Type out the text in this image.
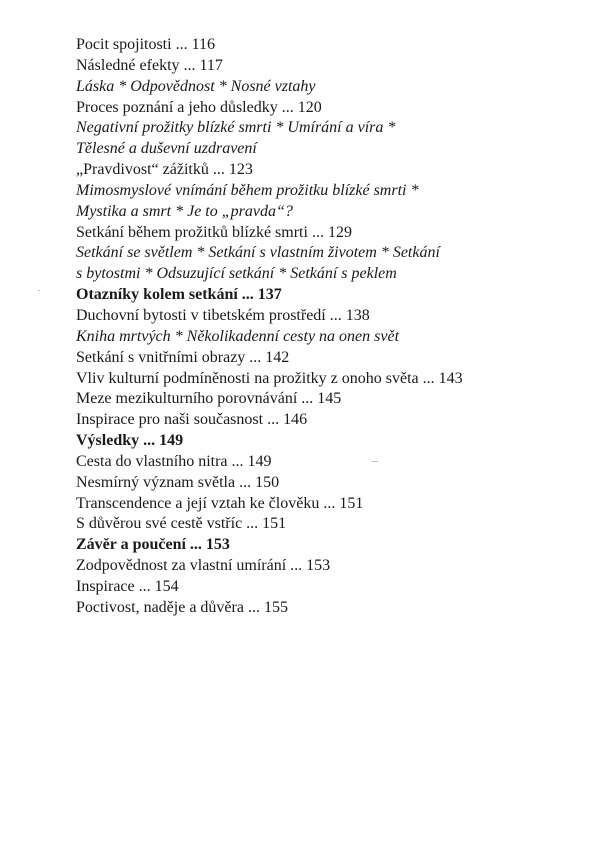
Pocit spojitosti ... 116
Následné efekty ... 117
Láska * Odpovědnost * Nosné vztahy
Proces poznání a jeho důsledky ... 120
Negativní prožitky blízké smrti * Umírání a víra *
Tělesné a duševní uzdravení
„Pravdivost“ zážitků ... 123
Mimosmyslové vnímání během prožitku blízké smrti *
Mystika a smrt * Je to „pravda“?
Setkání během prožitků blízké smrti ... 129
Setkání se světlem * Setkání s vlastním životem * Setkání
s bytostmi * Odsuzující setkání * Setkání s peklem
Otazníky kolem setkání ... 137
Duchovní bytosti v tibetském prostředí ... 138
Kniha mrtvých * Několikadenní cesty na onen svět
Setkání s vnitřními obrazy ... 142
Vliv kulturní podmíněnosti na prožitky z onoho světa ... 143
Meze mezikulturního porovnávání ... 145
Inspirace pro naši současnost ... 146
Výsledky ... 149
Cesta do vlastního nitra ... 149
Nesmírný význam světla ... 150
Transcendence a její vztah ke člověku ... 151
S důvěrou své cestě vstříc ... 151
Závěr a poučení ... 153
Zodpovědnost za vlastní umírání ... 153
Inspirace ... 154
Poctivost, naděje a důvěra ... 155
